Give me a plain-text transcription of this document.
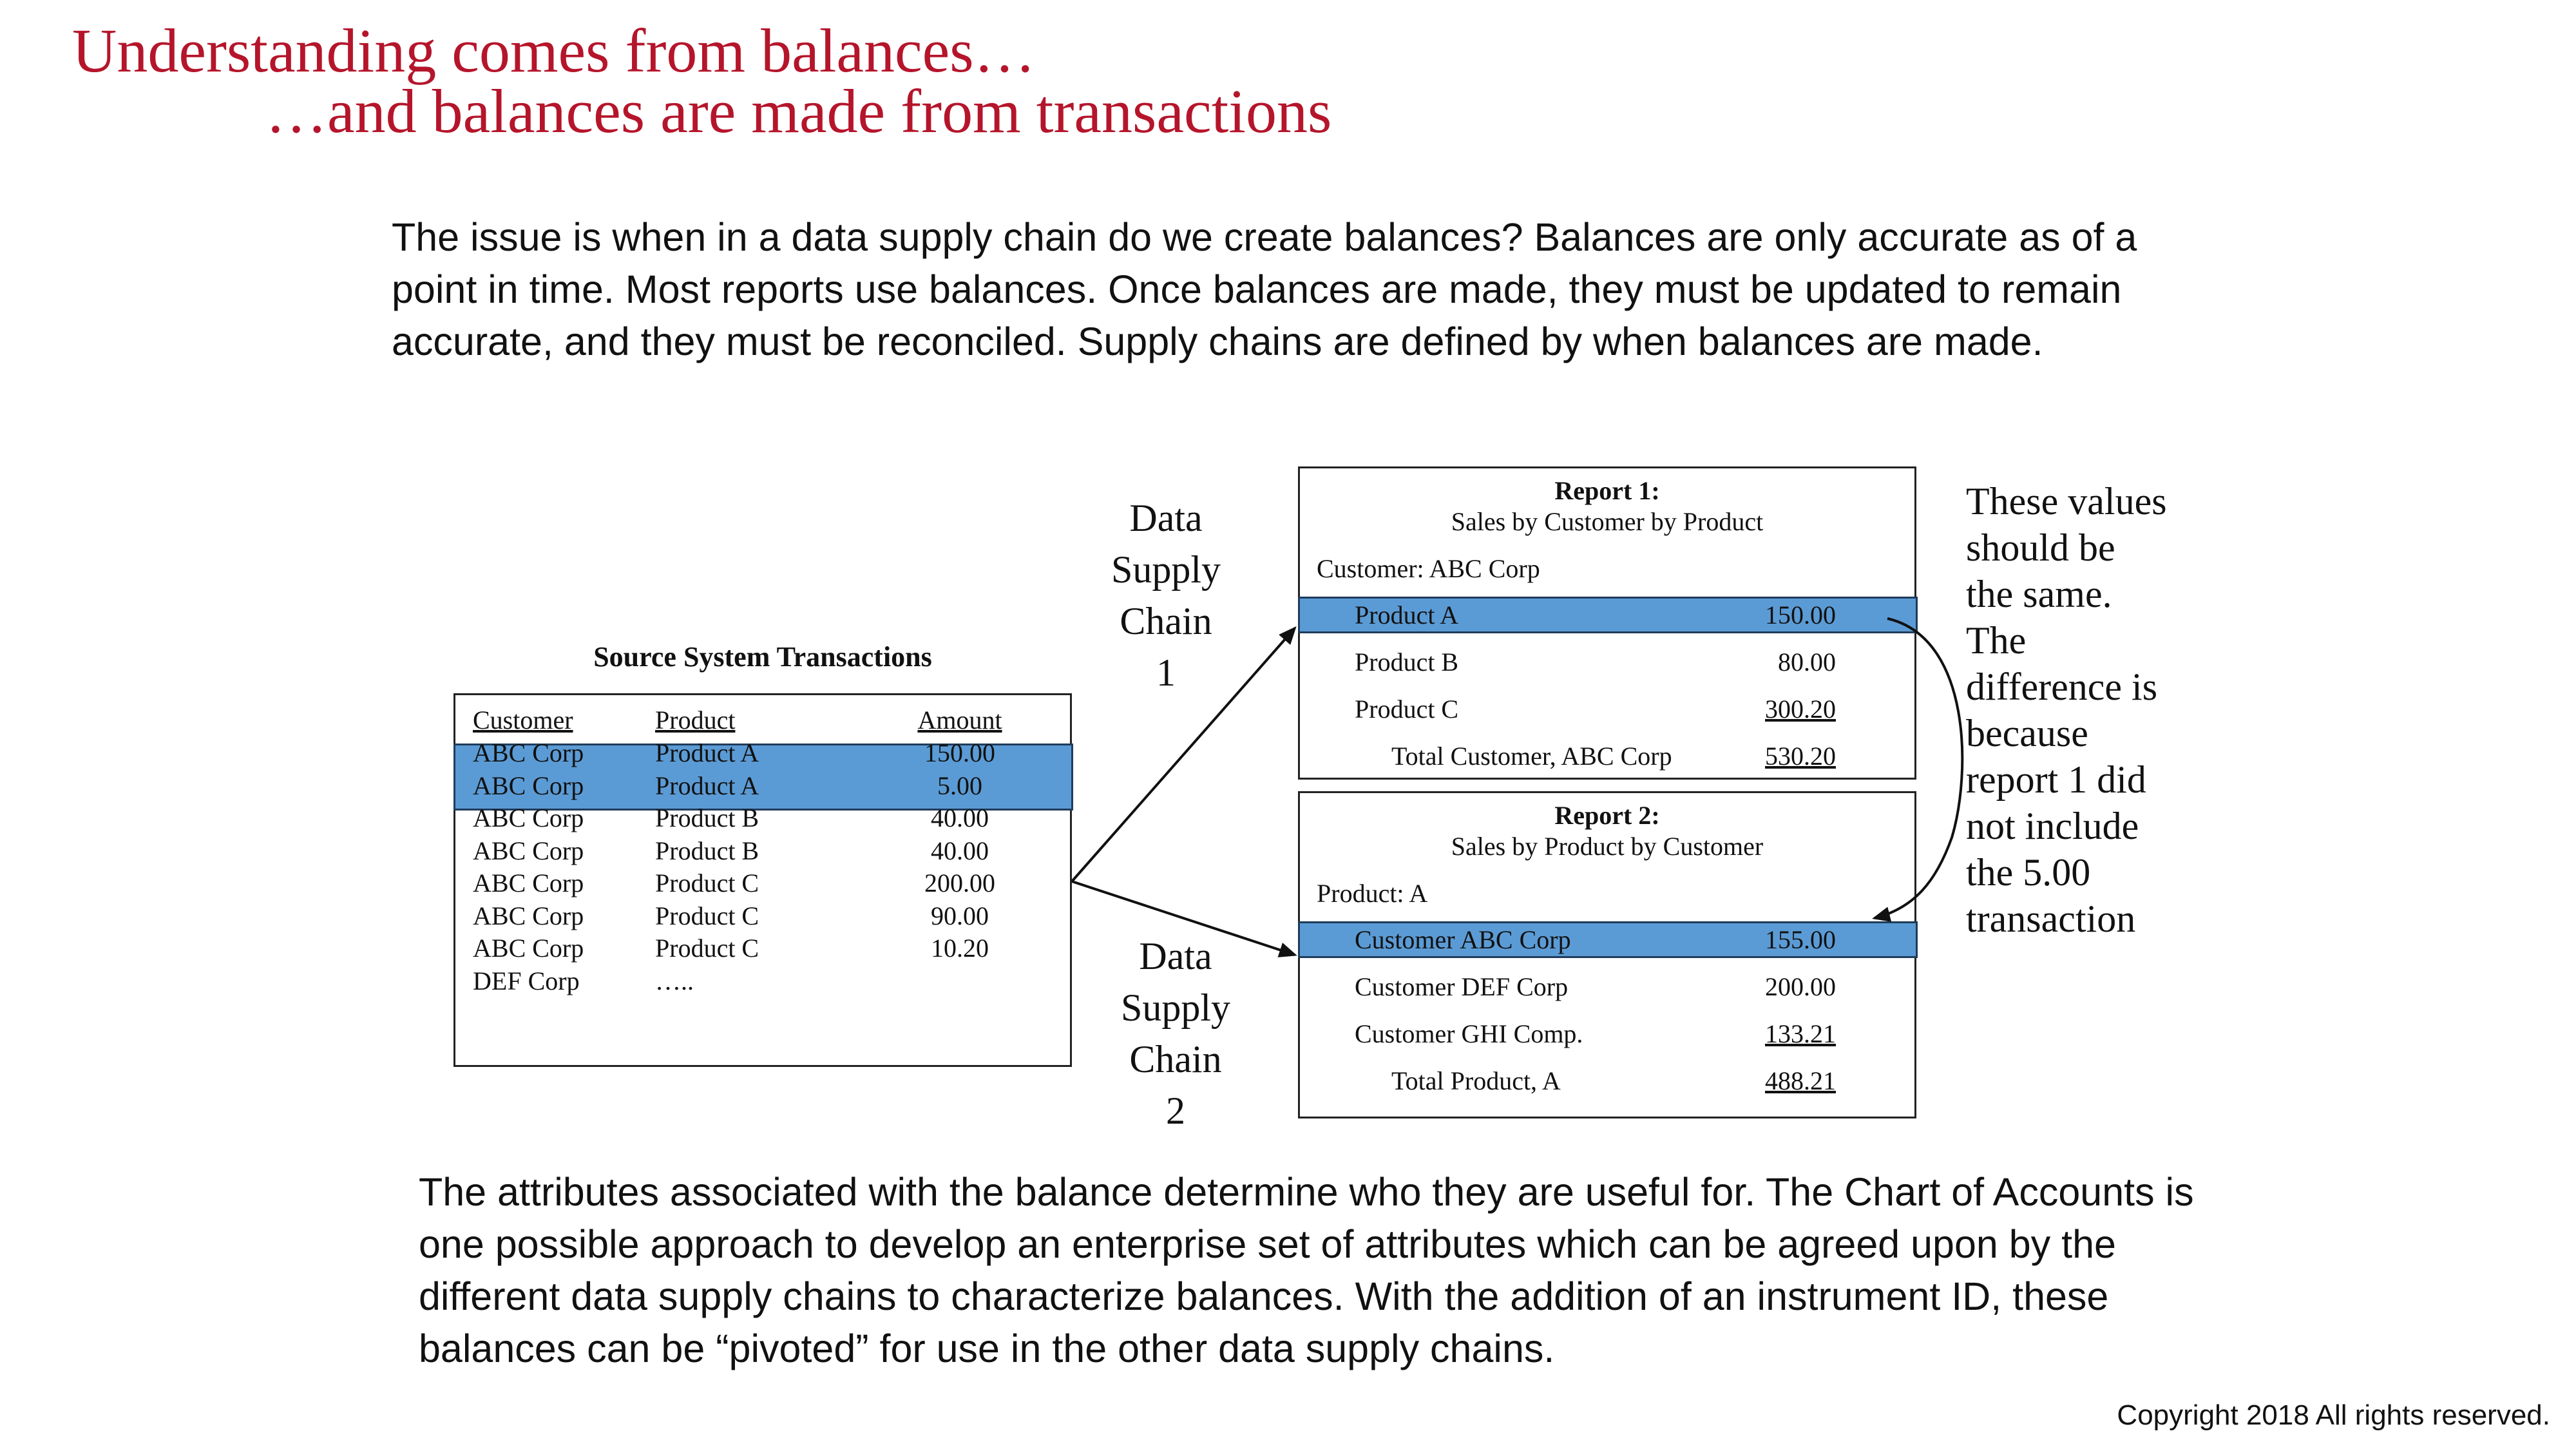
Understanding comes from balances…
…and balances are made from transactions
The issue is when in a data supply chain do we create balances? Balances are only accurate as of a point in time. Most reports use balances. Once balances are made, they must be updated to remain accurate, and they must be reconciled. Supply chains are defined by when balances are made.
Source System Transactions
Customer	Product	Amount
ABC Corp	Product A	150.00
ABC Corp	Product A	5.00
ABC Corp	Product B	40.00
ABC Corp	Product B	40.00
ABC Corp	Product C	200.00
ABC Corp	Product C	90.00
ABC Corp	Product C	10.20
DEF Corp	…..
Data
Supply
Chain
1
Data
Supply
Chain
2
Report 1:
Sales by Customer by Product
Customer: ABC Corp
Product A	150.00
Product B	80.00
Product C	300.20
Total Customer, ABC Corp	530.20
Report 2:
Sales by Product by Customer
Product: A
Customer ABC Corp	155.00
Customer DEF Corp	200.00
Customer GHI Comp.	133.21
Total Product, A	488.21
These values
should be
the same.
The
difference is
because
report 1 did
not include
the 5.00
transaction
The attributes associated with the balance determine who they are useful for. The Chart of Accounts is one possible approach to develop an enterprise set of attributes which can be agreed upon by the different data supply chains to characterize balances. With the addition of an instrument ID, these balances can be “pivoted” for use in the other data supply chains.
Copyright 2018 All rights reserved.
